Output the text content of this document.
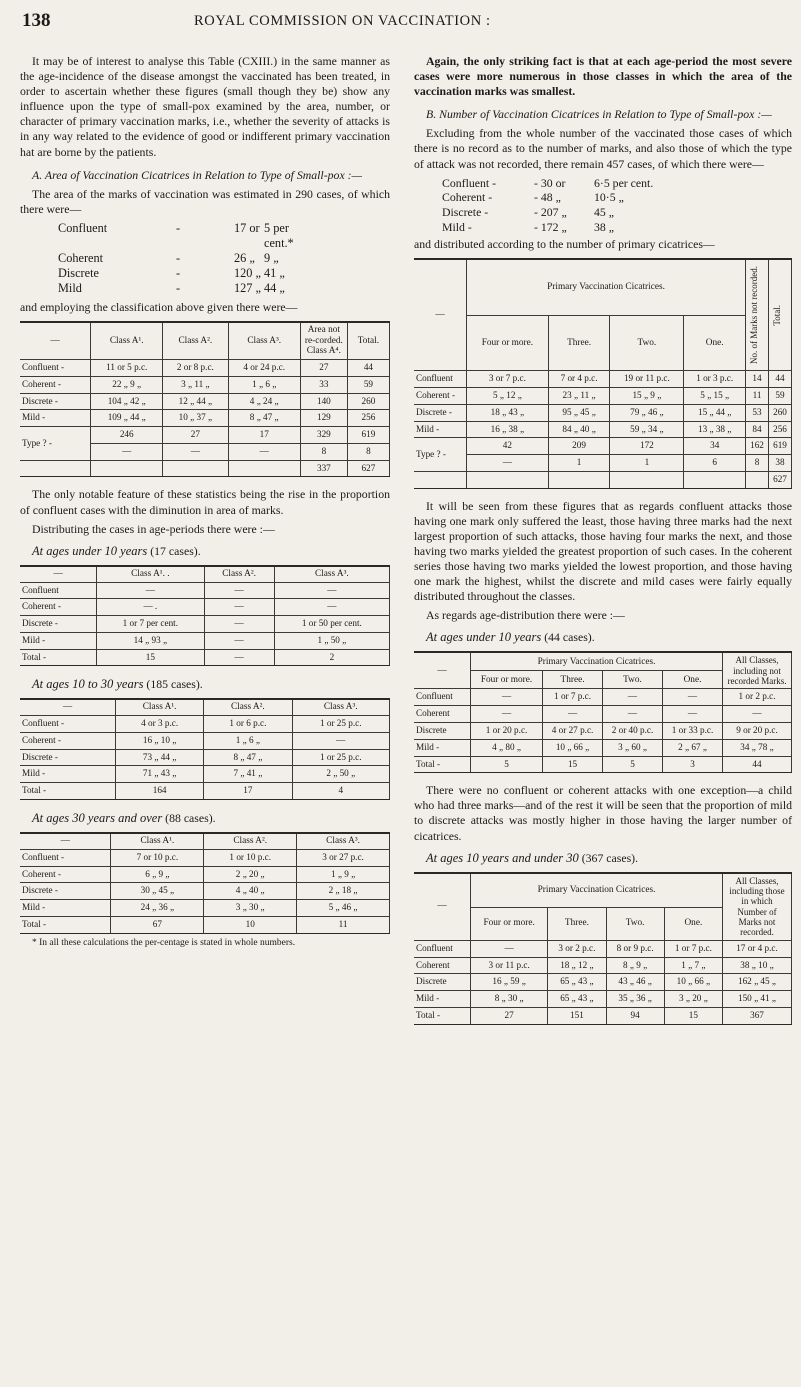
138	ROYAL COMMISSION ON VACCINATION :

It may be of interest to analyse this Table (CXIII.) in the same manner as the age-incidence of the disease amongst the vaccinated has been treated, in order to ascertain whether these figures (small though they be) show any influence upon the type of small-pox examined by the area, number, or character of primary vaccination marks, i.e., whether the severity of attacks is in any way related to the evidence of good or indifferent primary vaccination hat are borne by the patients.

A. Area of Vaccination Cicatrices in Relation to Type of Small-pox :—

The area of the marks of vaccination was estimated in 290 cases, of which there were—

Confluent	-	17 or 5 per cent.*
Coherent	-	26 „ 9 „
Discrete	-	120 „ 41 „
Mild	-	127 „ 44 „

and employing the classification above given there were—

—	Class A¹.	Class A².	Class A³.	Area not re-corded. Class A⁴.	Total.
Confluent -	11 or 5 p.c.	2 or 8 p.c.	4 or 24 p.c.	27	44
Coherent -	22 „ 9 „	3 „ 11 „	1 „ 6 „	33	59
Discrete -	104 „ 42 „	12 „ 44 „	4 „ 24 „	140	260
Mild -	109 „ 44 „	10 „ 37 „	8 „ 47 „	129	256
Type ? -	246	27	17	329	619
	—	—	—	8	8
				337	627

The only notable feature of these statistics being the rise in the proportion of confluent cases with the diminution in area of marks.

Distributing the cases in age-periods there were :—

At ages under 10 years (17 cases).
—	Class A¹. .	Class A².	Class A³.
Confluent	—	—	—
Coherent -	— .	—	—
Discrete -	1 or 7 per cent.	—	1 or 50 per cent.
Mild -	14 „ 93 „	—	1 „ 50 „
Total -	15	—	2
At ages 10 to 30 years (185 cases).
—	Class A¹.	Class A².	Class A³.
Confluent -	4 or 3 p.c.	1 or 6 p.c.	1 or 25 p.c.
Coherent -	16 „ 10 „	1 „ 6 „	—
Discrete -	73 „ 44 „	8 „ 47 „	1 or 25 p.c.
Mild -	71 „ 43 „	7 „ 41 „	2 „ 50 „
Total -	164	17	4
At ages 30 years and over (88 cases).
—	Class A¹.	Class A².	Class A³.
Confluent -	7 or 10 p.c.	1 or 10 p.c.	3 or 27 p.c.
Coherent -	6 „ 9 „	2 „ 20 „	1 „ 9 „
Discrete -	30 „ 45 „	4 „ 40 „	2 „ 18 „
Mild -	24 „ 36 „	3 „ 30 „	5 „ 46 „
Total -	67	10	11
* In all these calculations the per-centage is stated in whole numbers.

Again, the only striking fact is that at each age-period the most severe cases were more numerous in those classes in which the area of the vaccination marks was smallest.

B. Number of Vaccination Cicatrices in Relation to Type of Small-pox :—

Excluding from the whole number of the vaccinated those cases of which there is no record as to the number of marks, and also those of which the type of attack was not recorded, there remain 457 cases, of which there were—

Confluent -	- 30 or	6·5 per cent.
Coherent -	- 48 „	10·5 „
Discrete -	- 207 „	45 „
Mild -	- 172 „	38 „

and distributed according to the number of primary cicatrices—

—	Primary Vaccination Cicatrices.				No. of Marks not recorded.	Total.

	Four or more.	Three.	Two.	One.		
Confluent	3 or 7 p.c.	7 or 4 p.c.	19 or 11 p.c.	1 or 3 p.c.	14	44
Coherent -	5 „ 12 „	23 „ 11 „	15 „ 9 „	5 „ 15 „	11	59
Discrete -	18 „ 43 „	95 „ 45 „	79 „ 46 „	15 „ 44 „	53	260
Mild -	16 „ 38 „	84 „ 40 „	59 „ 34 „	13 „ 38 „	84	256
Type ? -	42	209	172	34	162	619
	—	1	1	6	8	38
						627

It will be seen from these figures that as regards confluent attacks those having one mark only suffered the least, those having three marks had the next largest proportion of such attacks, those having four marks the next, and those having two marks yielded the greatest proportion of such cases. In the coherent series those having two marks yielded the lowest proportion, and those having one mark the highest, whilst the discrete and mild cases were fairly equally distributed throughout the classes.

As regards age-distribution there were :—

At ages under 10 years (44 cases).
—	Primary Vaccination Cicatrices.				All Classes, including not recorded Marks.
	Four or more.	Three.	Two.	One.	
Confluent	—	1 or 7 p.c.	—	—	1 or 2 p.c.
Coherent	—	—	—	—	—
Discrete	1 or 20 p.c.	4 or 27 p.c.	2 or 40 p.c.	1 or 33 p.c.	9 or 20 p.c.
Mild -	4 „ 80 „	10 „ 66 „	3 „ 60 „	2 „ 67 „	34 „ 78 „
Total -	5	15	5	3	44

There were no confluent or coherent attacks with one exception—a child who had three marks—and of the rest it will be seen that the proportion of mild to discrete attacks was mostly higher in those having the larger number of cicatrices.

At ages 10 years and under 30 (367 cases).
—	Primary Vaccination Cicatrices.				All Classes, including those in which Number of Marks not recorded.
	Four or more.	Three.	Two.	One.	
Confluent	—	3 or 2 p.c.	8 or 9 p.c.	1 or 7 p.c.	17 or 4 p.c.
Coherent	3 or 11 p.c.	18 „ 12 „	8 „ 9 „	1 „ 7 „	38 „ 10 „
Discrete	16 „ 59 „	65 „ 43 „	43 „ 46 „	10 „ 66 „	162 „ 45 „
Mild -	8 „ 30 „	65 „ 43 „	35 „ 36 „	3 „ 20 „	150 „ 41 „
Total -	27	151	94	15	367
